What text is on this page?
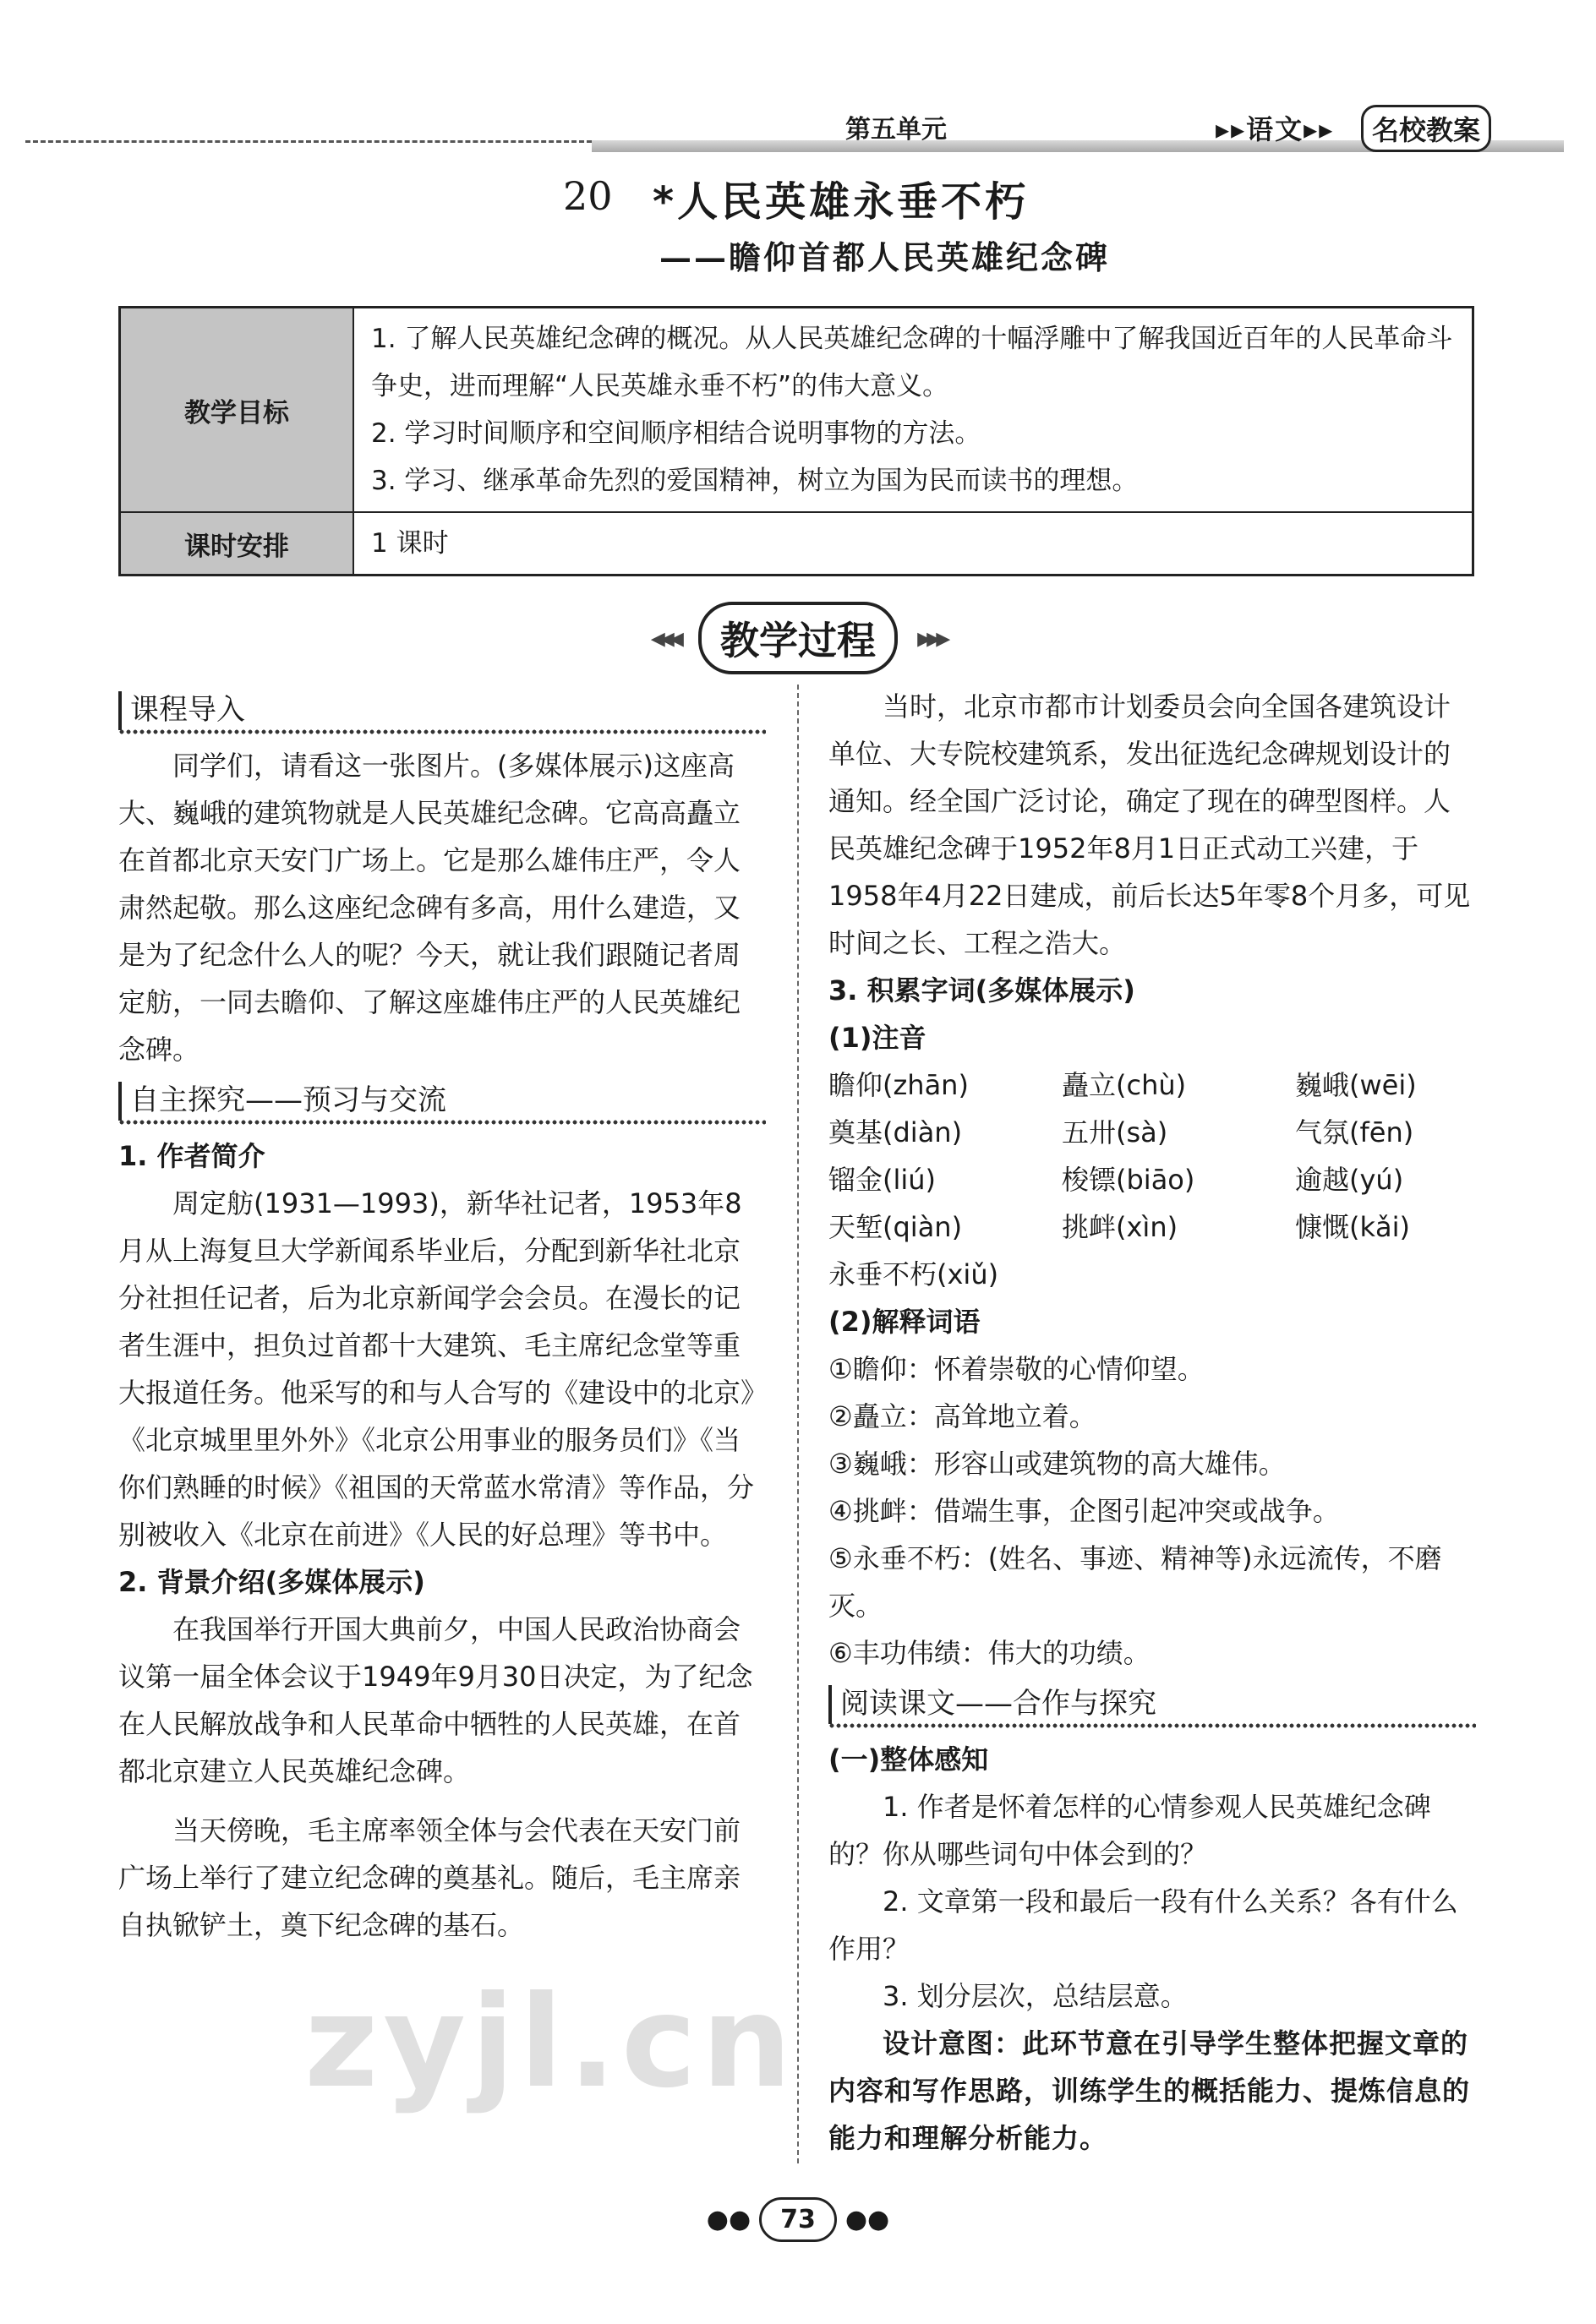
第五单元	▸▸语文▸▸	名校教案
20 *人民英雄永垂不朽
——瞻仰首都人民英雄纪念碑
教学目标	1. 了解人民英雄纪念碑的概况。从人民英雄纪念碑的十幅浮雕中了解我国近百年的人民革命斗争史，进而理解“人民英雄永垂不朽”的伟大意义。

2. 学习时间顺序和空间顺序相结合说明事物的方法。

3. 学习、继承革命先烈的爱国精神，树立为国为民而读书的理想。

课时安排	1 课时
◂◂◂ 教学过程 ▸▸▸
课程导入

同学们，请看这一张图片。(多媒体展示)这座高大、巍峨的建筑物就是人民英雄纪念碑。它高高矗立在首都北京天安门广场上。它是那么雄伟庄严，令人肃然起敬。那么这座纪念碑有多高，用什么建造，又是为了纪念什么人的呢？今天，就让我们跟随记者周定舫，一同去瞻仰、了解这座雄伟庄严的人民英雄纪念碑。

自主探究——预习与交流

1. 作者简介

周定舫(1931—1993)，新华社记者，1953年8月从上海复旦大学新闻系毕业后，分配到新华社北京分社担任记者，后为北京新闻学会会员。在漫长的记者生涯中，担负过首都十大建筑、毛主席纪念堂等重大报道任务。他采写的和与人合写的《建设中的北京》《北京城里里外外》《北京公用事业的服务员们》《当你们熟睡的时候》《祖国的天常蓝水常清》等作品，分别被收入《北京在前进》《人民的好总理》等书中。

2. 背景介绍(多媒体展示)

在我国举行开国大典前夕，中国人民政治协商会议第一届全体会议于1949年9月30日决定，为了纪念在人民解放战争和人民革命中牺牲的人民英雄，在首都北京建立人民英雄纪念碑。

当天傍晚，毛主席率领全体与会代表在天安门前广场上举行了建立纪念碑的奠基礼。随后，毛主席亲自执锨铲土，奠下纪念碑的基石。

当时，北京市都市计划委员会向全国各建筑设计单位、大专院校建筑系，发出征选纪念碑规划设计的通知。经全国广泛讨论，确定了现在的碑型图样。人民英雄纪念碑于1952年8月1日正式动工兴建，于1958年4月22日建成，前后长达5年零8个月多，可见时间之长、工程之浩大。

3. 积累字词(多媒体展示)

(1)注音

瞻仰(zhān)	矗立(chù)	巍峨(wēi)
奠基(diàn)	五卅(sà)	气氛(fēn)
镏金(liú)	梭镖(biāo)	逾越(yú)
天堑(qiàn)	挑衅(xìn)	慷慨(kǎi)
永垂不朽(xiǔ)

(2)解释词语

①瞻仰：怀着崇敬的心情仰望。

②矗立：高耸地立着。

③巍峨：形容山或建筑物的高大雄伟。

④挑衅：借端生事，企图引起冲突或战争。

⑤永垂不朽：(姓名、事迹、精神等)永远流传，不磨灭。

⑥丰功伟绩：伟大的功绩。

阅读课文——合作与探究

(一)整体感知

1. 作者是怀着怎样的心情参观人民英雄纪念碑的？你从哪些词句中体会到的？

2. 文章第一段和最后一段有什么关系？各有什么作用？

3. 划分层次，总结层意。

设计意图：此环节意在引导学生整体把握文章的内容和写作思路，训练学生的概括能力、提炼信息的能力和理解分析能力。

zyjl.cn
●● 73 ●●
